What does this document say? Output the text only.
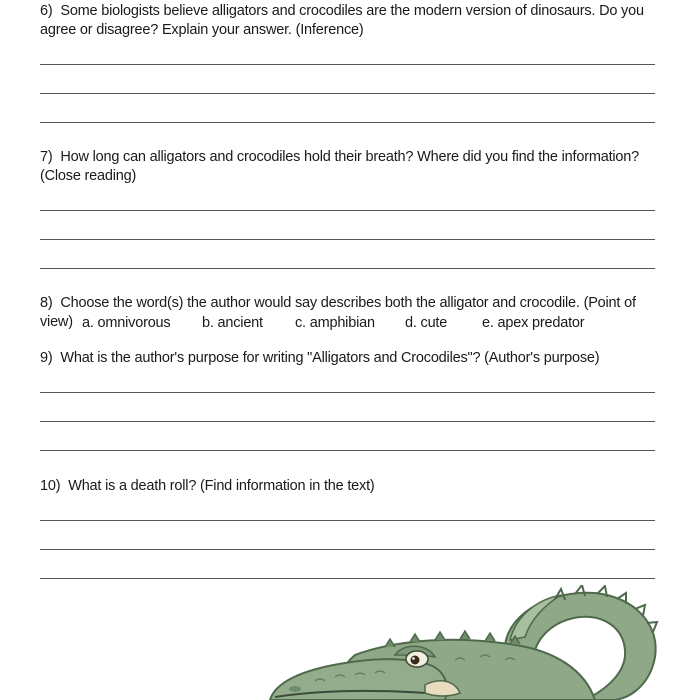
6) Some biologists believe alligators and crocodiles are the modern version of dinosaurs. Do you agree or disagree? Explain your answer. (Inference)
7) How long can alligators and crocodiles hold their breath? Where did you find the information? (Close reading)
8) Choose the word(s) the author would say describes both the alligator and crocodile. (Point of view) a. omnivorous b. ancient c. amphibian d. cute e. apex predator
9) What is the author's purpose for writing "Alligators and Crocodiles"? (Author's purpose)
10) What is a death roll? (Find information in the text)
